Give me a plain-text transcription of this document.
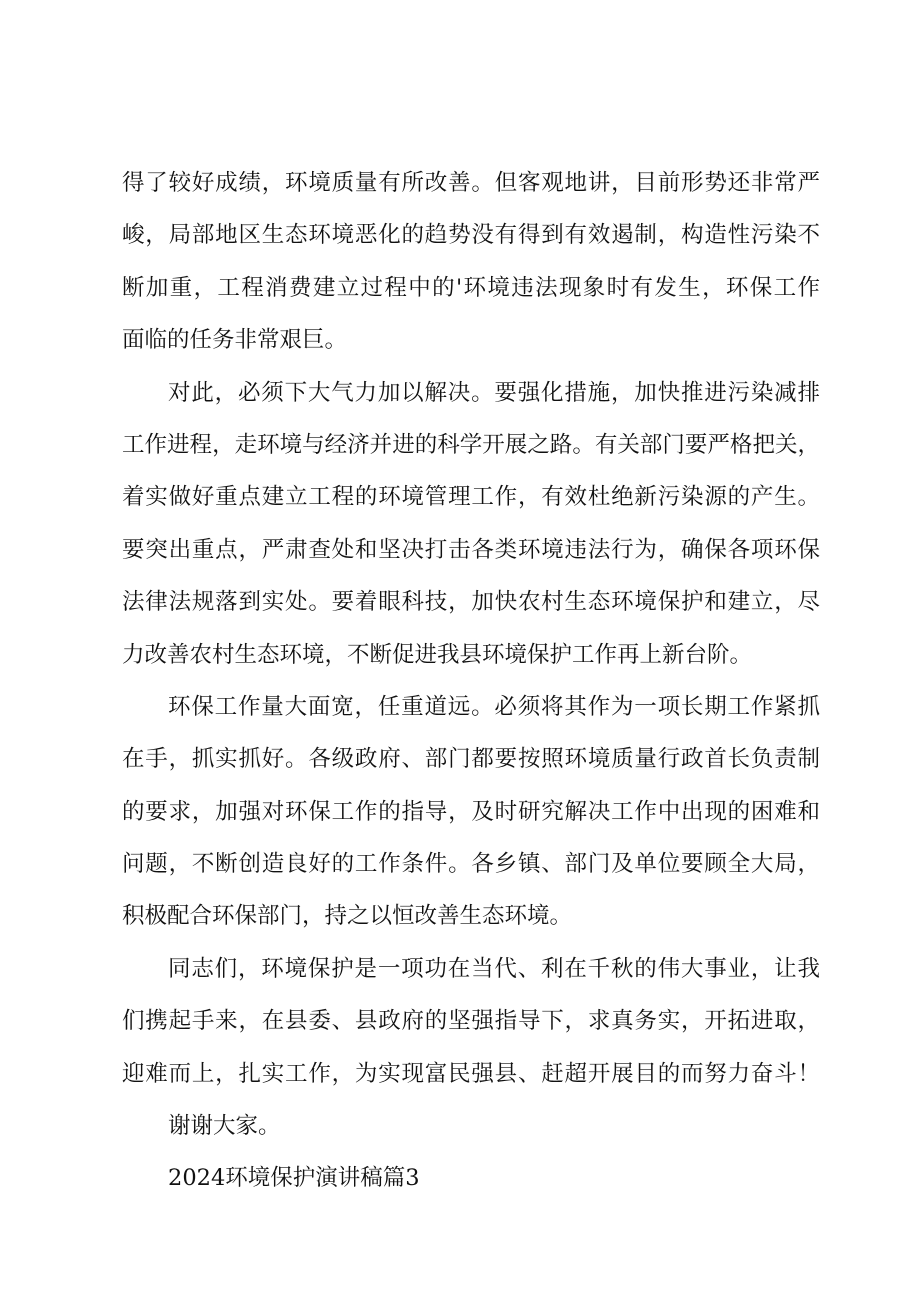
得了较好成绩，环境质量有所改善。但客观地讲，目前形势还非常严
峻，局部地区生态环境恶化的趋势没有得到有效遏制，构造性污染不
断加重，工程消费建立过程中的'环境违法现象时有发生，环保工作
面临的任务非常艰巨。
对此，必须下大气力加以解决。要强化措施，加快推进污染减排
工作进程，走环境与经济并进的科学开展之路。有关部门要严格把关，
着实做好重点建立工程的环境管理工作，有效杜绝新污染源的产生。
要突出重点，严肃查处和坚决打击各类环境违法行为，确保各项环保
法律法规落到实处。要着眼科技，加快农村生态环境保护和建立，尽
力改善农村生态环境，不断促进我县环境保护工作再上新台阶。
环保工作量大面宽，任重道远。必须将其作为一项长期工作紧抓
在手，抓实抓好。各级政府、部门都要按照环境质量行政首长负责制
的要求，加强对环保工作的指导，及时研究解决工作中出现的困难和
问题，不断创造良好的工作条件。各乡镇、部门及单位要顾全大局，
积极配合环保部门，持之以恒改善生态环境。
同志们，环境保护是一项功在当代、利在千秋的伟大事业，让我
们携起手来，在县委、县政府的坚强指导下，求真务实，开拓进取，
迎难而上，扎实工作，为实现富民强县、赶超开展目的而努力奋斗！
谢谢大家。
2024环境保护演讲稿篇3
